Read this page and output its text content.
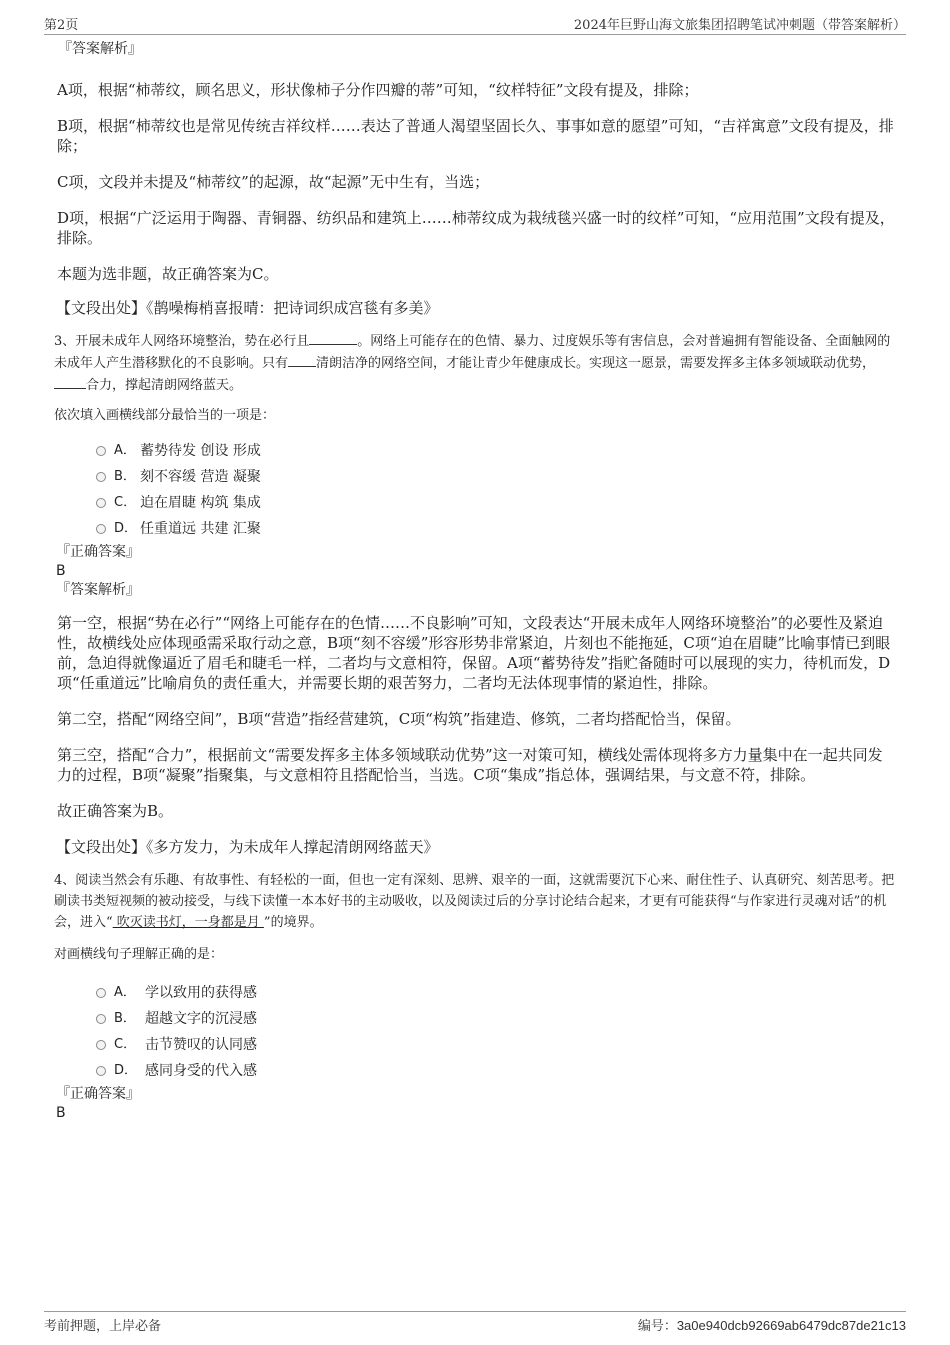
第2页	2024年巨野山海文旅集团招聘笔试冲刺题（带答案解析）
『答案解析』

A项，根据“柿蒂纹，顾名思义，形状像柿子分作四瓣的蒂”可知，“纹样特征”文段有提及，排除；

B项，根据“柿蒂纹也是常见传统吉祥纹样……表达了普通人渴望坚固长久、事事如意的愿望”可知，“吉祥寓意”文段有提及，排除；

C项，文段并未提及“柿蒂纹”的起源，故“起源”无中生有，当选；

D项，根据“广泛运用于陶器、青铜器、纺织品和建筑上……柿蒂纹成为栽绒毯兴盛一时的纹样”可知，“应用范围”文段有提及，排除。

本题为选非题，故正确答案为C。

【文段出处】《鹊噪梅梢喜报晴：把诗词织成宫毯有多美》

3、开展未成年人网络环境整治，势在必行且	。网络上可能存在的色情、暴力、过度娱乐等有害信息，会对普遍拥有智能设备、全面触网的未成年人产生潜移默化的不良影响。只有 清朗洁净的网络空间，才能让青少年健康成长。实现这一愿景，需要发挥多主体多领域联动优势，合力，撑起清朗网络蓝天。

依次填入画横线部分最恰当的一项是：

A． 蓄势待发 创设 形成
B． 刻不容缓 营造 凝聚
C． 迫在眉睫 构筑 集成
D． 任重道远 共建 汇聚
『正确答案』
B
『答案解析』

第一空，根据“势在必行”“网络上可能存在的色情……不良影响”可知，文段表达“开展未成年人网络环境整治”的必要性及紧迫性，故横线处应体现亟需采取行动之意，B项“刻不容缓”形容形势非常紧迫，片刻也不能拖延，C项“迫在眉睫”比喻事情已到眼前，急迫得就像逼近了眉毛和睫毛一样，二者均与文意相符，保留。A项“蓄势待发”指贮备随时可以展现的实力，待机而发，D项“任重道远”比喻肩负的责任重大，并需要长期的艰苦努力，二者均无法体现事情的紧迫性，排除。

第二空，搭配“网络空间”，B项“营造”指经营建筑，C项“构筑”指建造、修筑，二者均搭配恰当，保留。

第三空，搭配“合力”，根据前文“需要发挥多主体多领域联动优势”这一对策可知，横线处需体现将多方力量集中在一起共同发力的过程，B项“凝聚”指聚集，与文意相符且搭配恰当，当选。C项“集成”指总体，强调结果，与文意不符，排除。

故正确答案为B。

【文段出处】《多方发力，为未成年人撑起清朗网络蓝天》

4、阅读当然会有乐趣、有故事性、有轻松的一面，但也一定有深刻、思辨、艰辛的一面，这就需要沉下心来、耐住性子、认真研究、刻苦思考。把刷读书类短视频的被动接受，与线下读懂一本本好书的主动吸收，以及阅读过后的分享讨论结合起来，才更有可能获得“与作家进行灵魂对话”的机会，进入“ 吹灭读书灯，一身都是月 ”的境界。

对画横线句子理解正确的是：

A． 学以致用的获得感
B． 超越文字的沉浸感
C． 击节赞叹的认同感
D． 感同身受的代入感
『正确答案』
B
考前押题，上岸必备	编号：3a0e940dcb92669ab6479dc87de21c13
